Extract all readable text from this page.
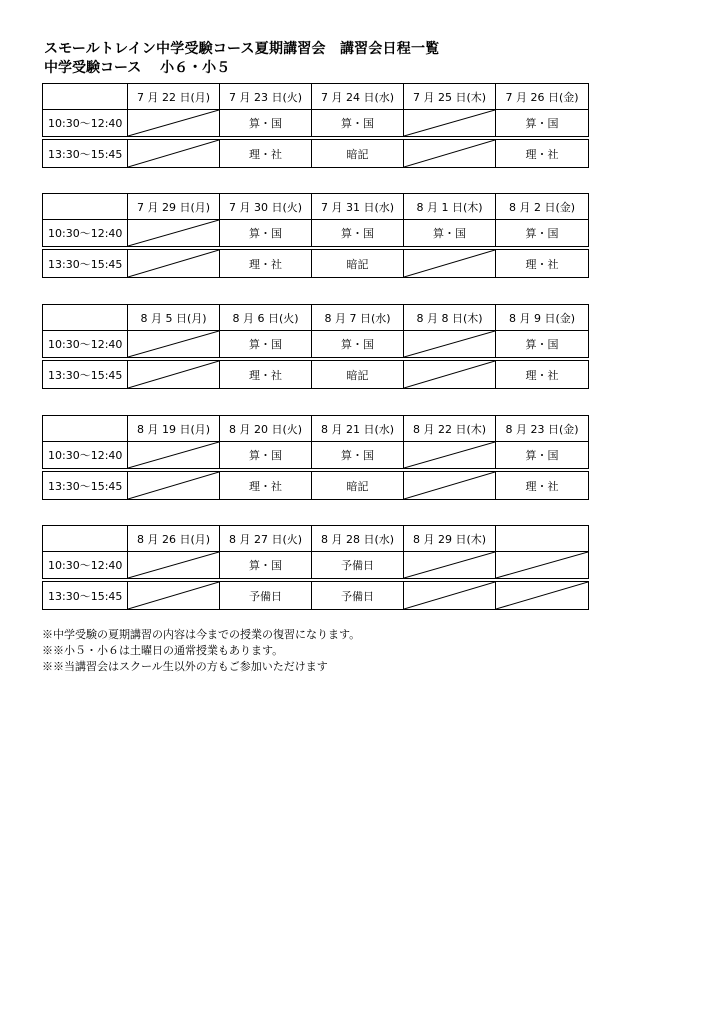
スモールトレイン中学受験コース夏期講習会　講習会日程一覧
中学受験コース　 小６・小５
	7 月 22 日(月)	7 月 23 日(火)	7 月 24 日(水)	7 月 25 日(木)	7 月 26 日(金)
10:30～12:40		算・国	算・国		算・国
13:30～15:45		理・社	暗記		理・社
	7 月 29 日(月)	7 月 30 日(火)	7 月 31 日(水)	8 月 1 日(木)	8 月 2 日(金)
10:30～12:40		算・国	算・国	算・国	算・国
13:30～15:45		理・社	暗記		理・社
	8 月 5 日(月)	8 月 6 日(火)	8 月 7 日(水)	8 月 8 日(木)	8 月 9 日(金)
10:30～12:40		算・国	算・国		算・国
13:30～15:45		理・社	暗記		理・社
	8 月 19 日(月)	8 月 20 日(火)	8 月 21 日(水)	8 月 22 日(木)	8 月 23 日(金)
10:30～12:40		算・国	算・国		算・国
13:30～15:45		理・社	暗記		理・社
	8 月 26 日(月)	8 月 27 日(火)	8 月 28 日(水)	8 月 29 日(木)	
10:30～12:40		算・国	予備日	

13:30～15:45		予備日	予備日	

※中学受験の夏期講習の内容は今までの授業の復習になります。
※※小５・小６は土曜日の通常授業もあります。
※※当講習会はスクール生以外の方もご参加いただけます
